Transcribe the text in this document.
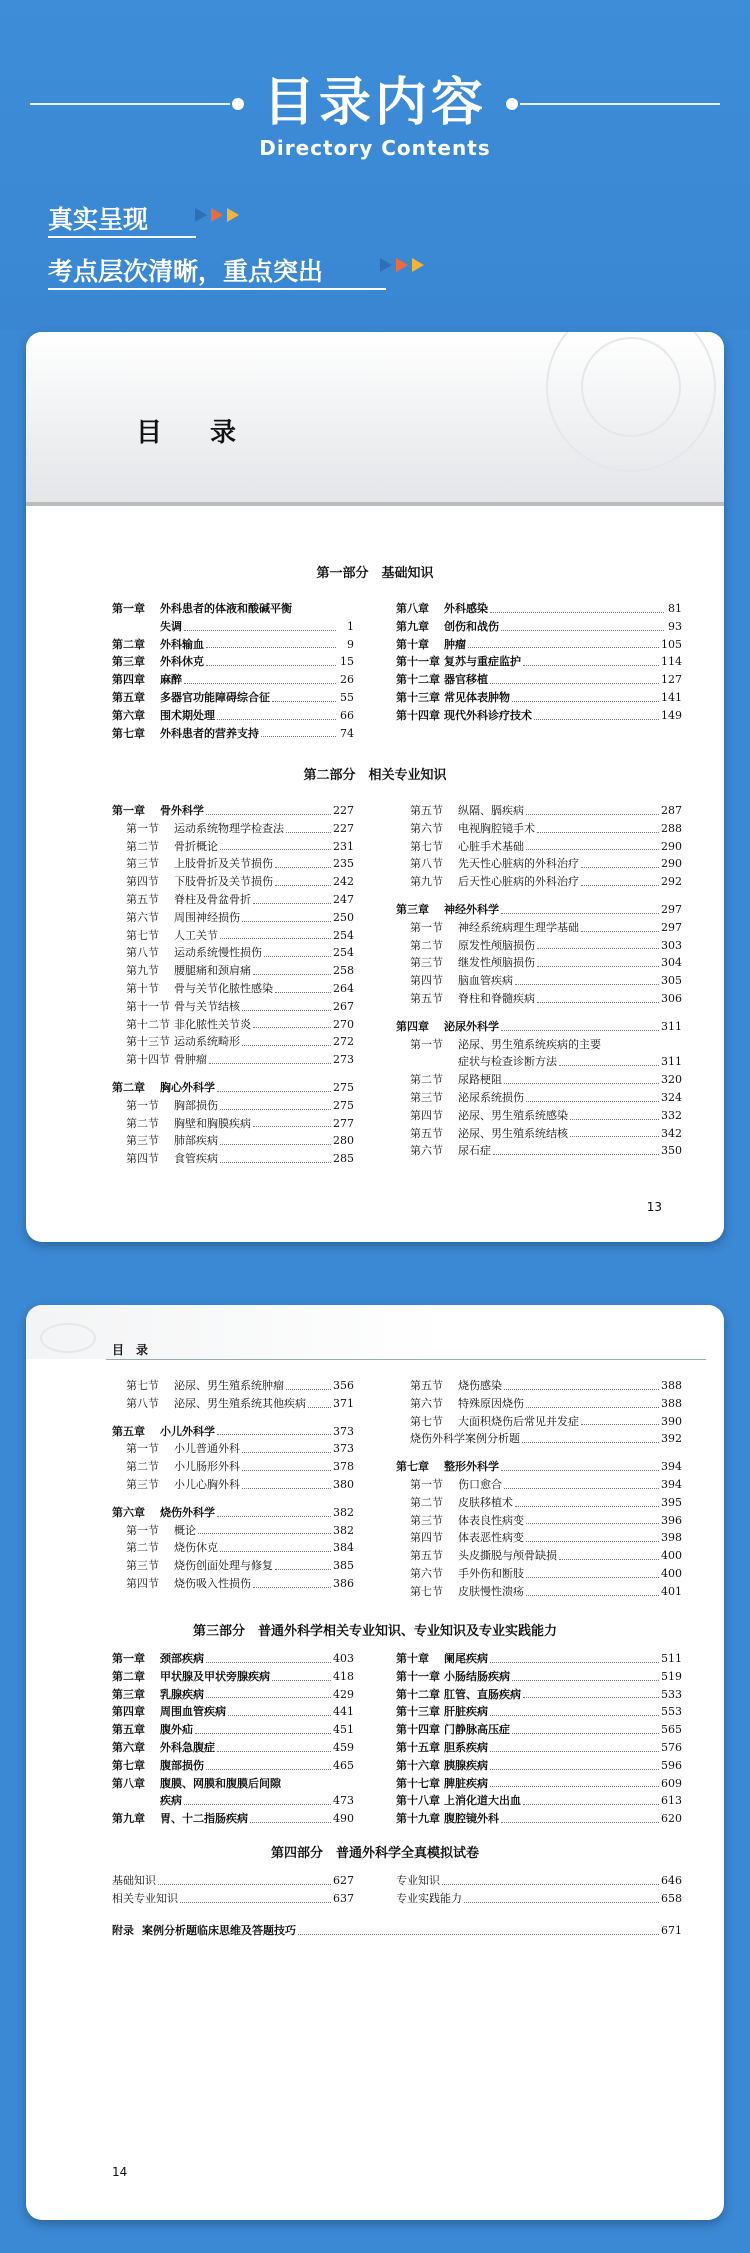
目录内容
Directory Contents
真实呈现
考点层次清晰，重点突出
目 录
第一部分　基础知识
第一章 外科患者的体液和酸碱平衡
失调	1
第二章 外科输血	9
第三章 外科休克	15
第四章 麻醉	26
第五章 多器官功能障碍综合征	55
第六章 围术期处理	66
第七章 外科患者的营养支持	74
第八章 外科感染	81
第九章 创伤和战伤	93
第十章 肿瘤	105
第十一章 复苏与重症监护	114
第十二章 器官移植	127
第十三章 常见体表肿物	141
第十四章 现代外科诊疗技术	149
第二部分　相关专业知识
第一章 骨外科学	227
第一节 运动系统物理学检查法	227
第二节 骨折概论	231
第三节 上肢骨折及关节损伤	235
第四节 下肢骨折及关节损伤	242
第五节 脊柱及骨盆骨折	247
第六节 周围神经损伤	250
第七节 人工关节	254
第八节 运动系统慢性损伤	254
第九节 腰腿痛和颈肩痛	258
第十节 骨与关节化脓性感染	264
第十一节 骨与关节结核	267
第十二节 非化脓性关节炎	270
第十三节 运动系统畸形	272
第十四节 骨肿瘤	273
第二章 胸心外科学	275
第一节 胸部损伤	275
第二节 胸壁和胸膜疾病	277
第三节 肺部疾病	280
第四节 食管疾病	285
第五节 纵隔、膈疾病	287
第六节 电视胸腔镜手术	288
第七节 心脏手术基础	290
第八节 先天性心脏病的外科治疗	290
第九节 后天性心脏病的外科治疗	292
第三章 神经外科学	297
第一节 神经系统病理生理学基础	297
第二节 原发性颅脑损伤	303
第三节 继发性颅脑损伤	304
第四节 脑血管疾病	305
第五节 脊柱和脊髓疾病	306
第四章 泌尿外科学	311
第一节 泌尿、男生殖系统疾病的主要
症状与检查诊断方法	311
第二节 尿路梗阻	320
第三节 泌尿系统损伤	324
第四节 泌尿、男生殖系统感染	332
第五节 泌尿、男生殖系统结核	342
第六节 尿石症	350
13
目　录
第七节 泌尿、男生殖系统肿瘤	356
第八节 泌尿、男生殖系统其他疾病 371
第五章 小儿外科学	373
第一节 小儿普通外科	373
第二节 小儿肠形外科	378
第三节 小儿心胸外科	380
第六章 烧伤外科学	382
第一节 概论	382
第二节 烧伤休克	384
第三节 烧伤创面处理与修复	385
第四节 烧伤吸入性损伤	386
第五节 烧伤感染	388
第六节 特殊原因烧伤	388
第七节 大面积烧伤后常见并发症	390
烧伤外科学案例分析题	392
第七章 整形外科学	394
第一节 伤口愈合	394
第二节 皮肤移植术	395
第三节 体表良性病变	396
第四节 体表恶性病变	398
第五节 头皮撕脱与颅骨缺损	400
第六节 手外伤和断肢	400
第七节 皮肤慢性溃疡	401
第三部分　普通外科学相关专业知识、专业知识及专业实践能力
第一章 颈部疾病	403
第二章 甲状腺及甲状旁腺疾病	418
第三章 乳腺疾病	429
第四章 周围血管疾病	441
第五章 腹外疝	451
第六章 外科急腹症	459
第七章 腹部损伤	465
第八章 腹膜、网膜和腹膜后间隙
疾病	473
第九章 胃、十二指肠疾病	490
第十章 阑尾疾病	511
第十一章 小肠结肠疾病	519
第十二章 肛管、直肠疾病	533
第十三章 肝脏疾病	553
第十四章 门静脉高压症	565
第十五章 胆系疾病	576
第十六章 胰腺疾病	596
第十七章 脾脏疾病	609
第十八章 上消化道大出血	613
第十九章 腹腔镜外科	620
第四部分　普通外科学全真模拟试卷
基础知识	627
相关专业知识	637
专业知识	646
专业实践能力	658
附录 案例分析题临床思维及答题技巧	671
14
